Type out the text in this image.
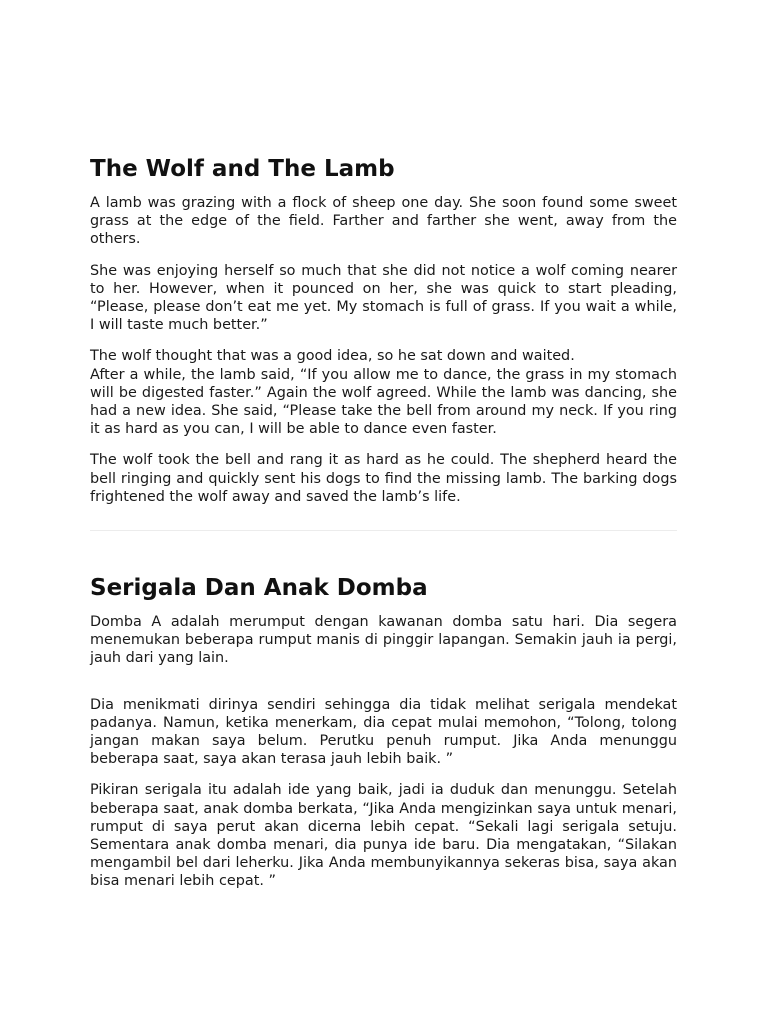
The Wolf and The Lamb

A lamb was grazing with a flock of sheep one day. She soon found some sweet grass at the edge of the field. Farther and farther she went, away from the others.

She was enjoying herself so much that she did not notice a wolf coming nearer to her. However, when it pounced on her, she was quick to start pleading, “Please, please don’t eat me yet. My stomach is full of grass. If you wait a while, I will taste much better.”

The wolf thought that was a good idea, so he sat down and waited.
After a while, the lamb said, “If you allow me to dance, the grass in my stomach will be digested faster.” Again the wolf agreed. While the lamb was dancing, she had a new idea. She said, “Please take the bell from around my neck. If you ring it as hard as you can, I will be able to dance even faster.

The wolf took the bell and rang it as hard as he could. The shepherd heard the bell ringing and quickly sent his dogs to find the missing lamb. The barking dogs frightened the wolf away and saved the lamb’s life.

Serigala Dan Anak Domba

Domba A adalah merumput dengan kawanan domba satu hari. Dia segera menemukan beberapa rumput manis di pinggir lapangan. Semakin jauh ia pergi, jauh dari yang lain.

Dia menikmati dirinya sendiri sehingga dia tidak melihat serigala mendekat padanya. Namun, ketika menerkam, dia cepat mulai memohon, “Tolong, tolong jangan makan saya belum. Perutku penuh rumput. Jika Anda menunggu beberapa saat, saya akan terasa jauh lebih baik. ”

Pikiran serigala itu adalah ide yang baik, jadi ia duduk dan menunggu. Setelah beberapa saat, anak domba berkata, “Jika Anda mengizinkan saya untuk menari, rumput di saya perut akan dicerna lebih cepat. “Sekali lagi serigala setuju. Sementara anak domba menari, dia punya ide baru. Dia mengatakan, “Silakan mengambil bel dari leherku. Jika Anda membunyikannya sekeras bisa, saya akan bisa menari lebih cepat. ”
